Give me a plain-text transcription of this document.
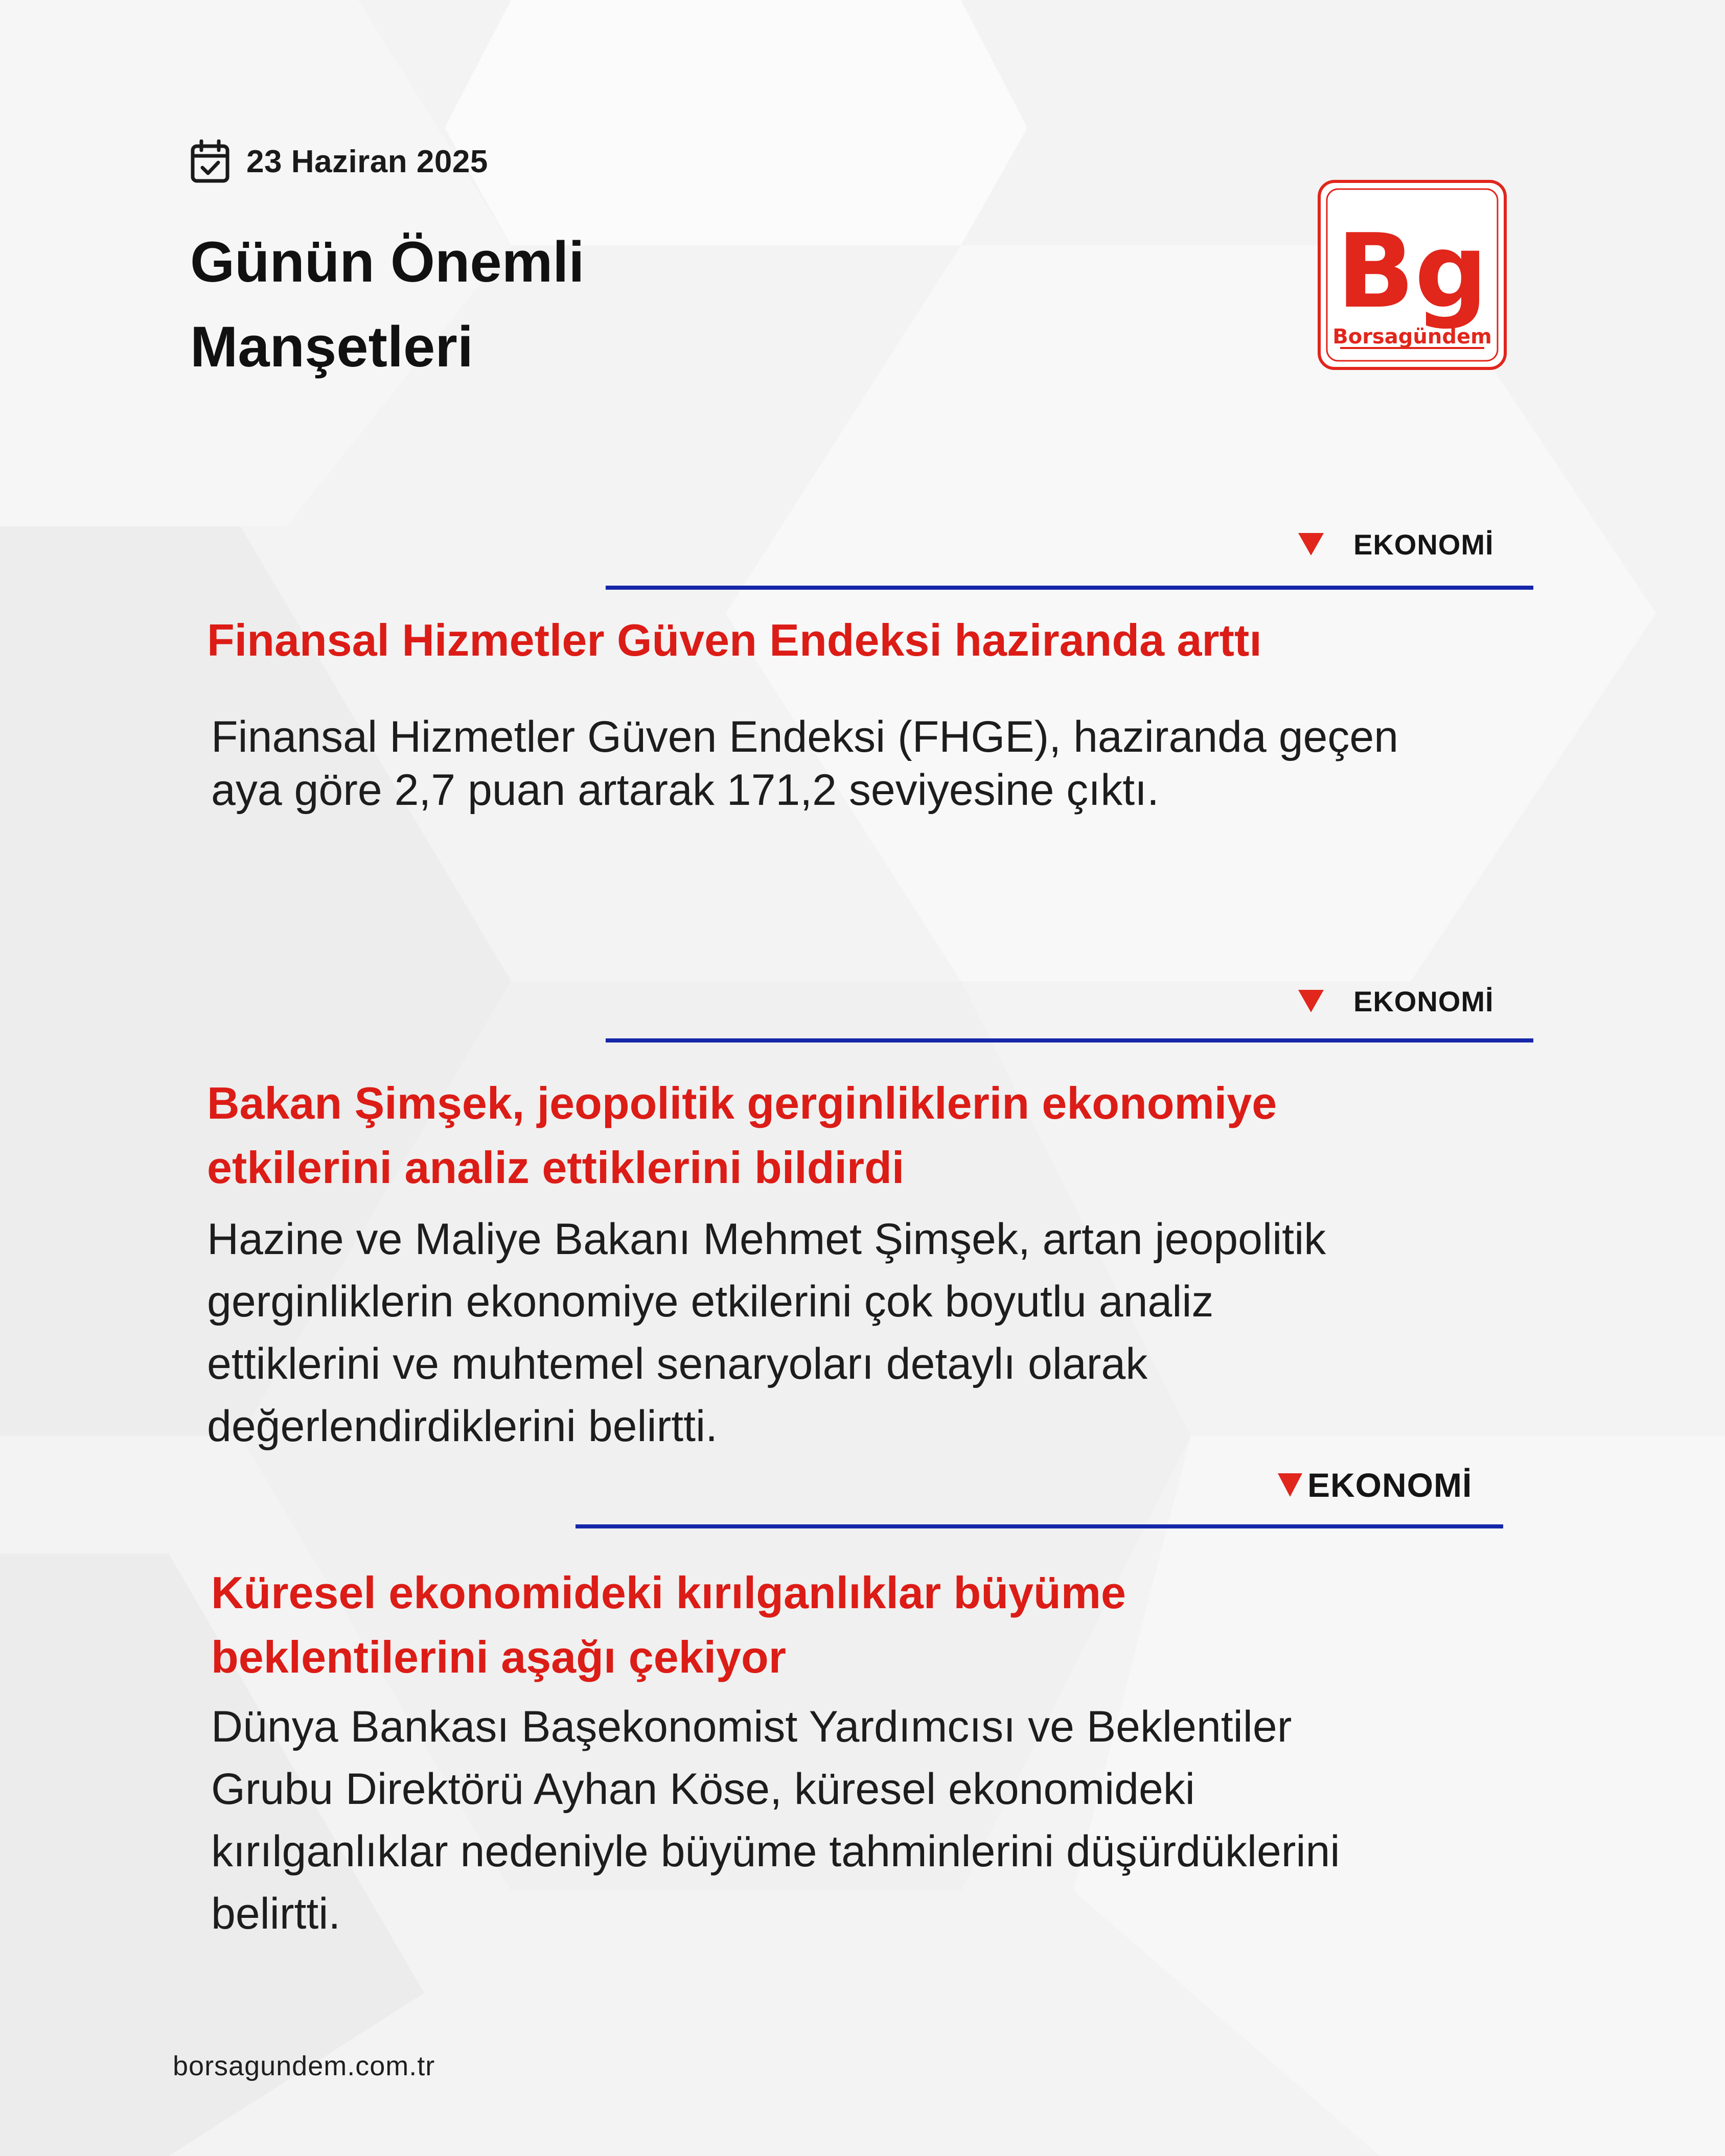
23 Haziran 2025
Günün Önemli
Manşetleri
Bg
Borsagündem
EKONOMİ
Finansal Hizmetler Güven Endeksi haziranda arttı

Finansal Hizmetler Güven Endeksi (FHGE), haziranda geçen

aya göre 2,7 puan artarak 171,2 seviyesine çıktı.

EKONOMİ

Bakan Şimşek, jeopolitik gerginliklerin ekonomiye

etkilerini analiz ettiklerini bildirdi

Hazine ve Maliye Bakanı Mehmet Şimşek, artan jeopolitik

gerginliklerin ekonomiye etkilerini çok boyutlu analiz

ettiklerini ve muhtemel senaryoları detaylı olarak

değerlendirdiklerini belirtti.

EKONOMİ

Küresel ekonomideki kırılganlıklar büyüme

beklentilerini aşağı çekiyor

Dünya Bankası Başekonomist Yardımcısı ve Beklentiler

Grubu Direktörü Ayhan Köse, küresel ekonomideki

kırılganlıklar nedeniyle büyüme tahminlerini düşürdüklerini

belirtti.

borsagundem.com.tr
